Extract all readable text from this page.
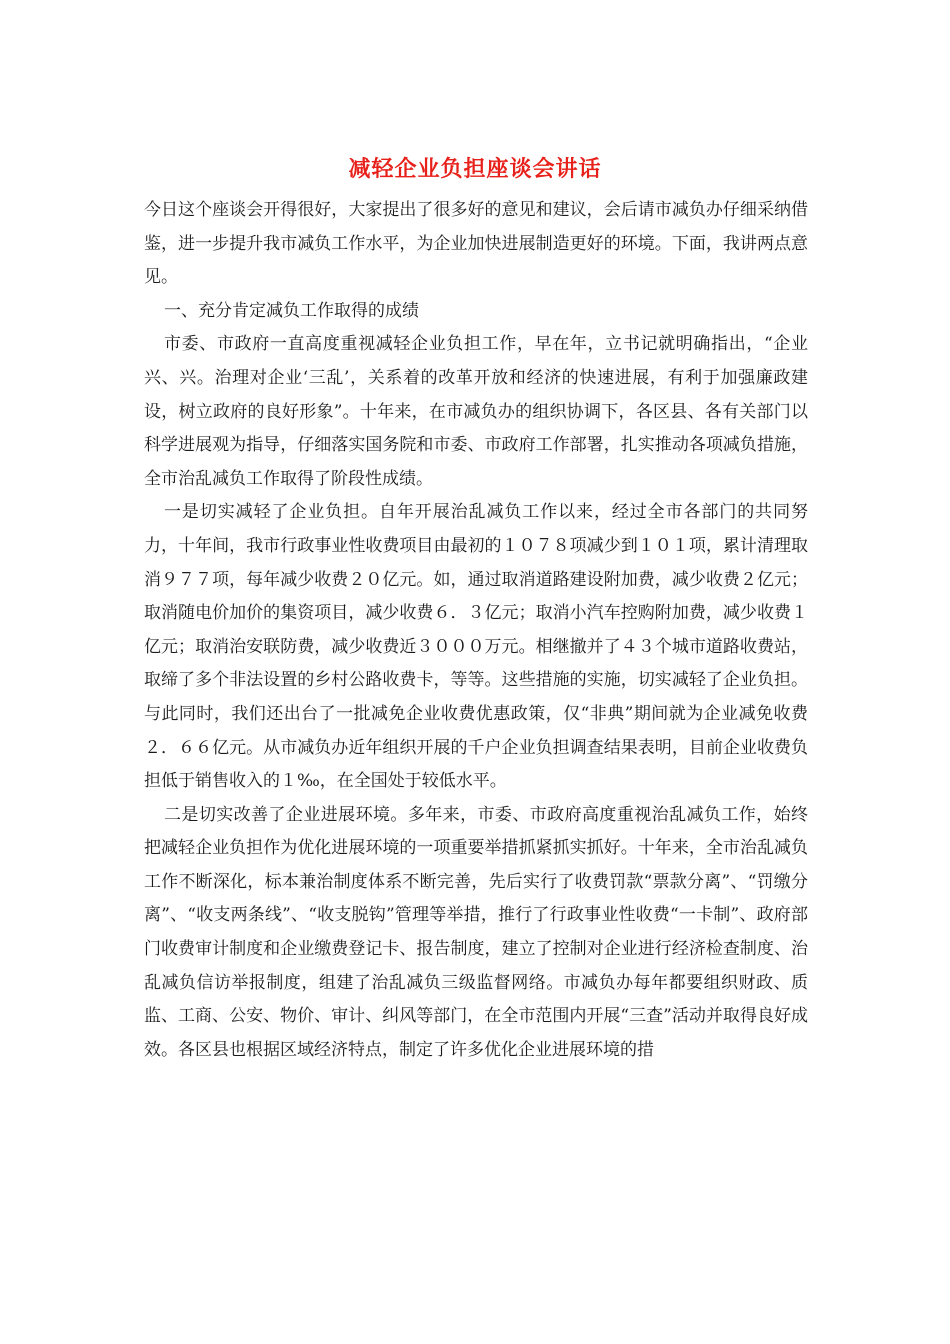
减轻企业负担座谈会讲话

今日这个座谈会开得很好，大家提出了很多好的意见和建议，会后请市减负办仔细采纳借鉴，进一步提升我市减负工作水平，为企业加快进展制造更好的环境。下面，我讲两点意见。

一、充分肯定减负工作取得的成绩

市委、市政府一直高度重视减轻企业负担工作，早在年，立书记就明确指出，“企业兴、兴。治理对企业‘三乱’，关系着的改革开放和经济的快速进展，有利于加强廉政建设，树立政府的良好形象”。十年来，在市减负办的组织协调下，各区县、各有关部门以科学进展观为指导，仔细落实国务院和市委、市政府工作部署，扎实推动各项减负措施，全市治乱减负工作取得了阶段性成绩。

一是切实减轻了企业负担。自年开展治乱减负工作以来，经过全市各部门的共同努力，十年间，我市行政事业性收费项目由最初的１０７８项减少到１０１项，累计清理取消９７７项，每年减少收费２０亿元。如，通过取消道路建设附加费，减少收费２亿元；取消随电价加价的集资项目，减少收费６．３亿元；取消小汽车控购附加费，减少收费１亿元；取消治安联防费，减少收费近３０００万元。相继撤并了４３个城市道路收费站，取缔了多个非法设置的乡村公路收费卡，等等。这些措施的实施，切实减轻了企业负担。与此同时，我们还出台了一批减免企业收费优惠政策，仅“非典”期间就为企业减免收费２．６６亿元。从市减负办近年组织开展的千户企业负担调查结果表明，目前企业收费负担低于销售收入的１‰，在全国处于较低水平。

二是切实改善了企业进展环境。多年来，市委、市政府高度重视治乱减负工作，始终把减轻企业负担作为优化进展环境的一项重要举措抓紧抓实抓好。十年来，全市治乱减负工作不断深化，标本兼治制度体系不断完善，先后实行了收费罚款“票款分离”、“罚缴分离”、“收支两条线”、“收支脱钩”管理等举措，推行了行政事业性收费“一卡制”、政府部门收费审计制度和企业缴费登记卡、报告制度，建立了控制对企业进行经济检查制度、治乱减负信访举报制度，组建了治乱减负三级监督网络。市减负办每年都要组织财政、质监、工商、公安、物价、审计、纠风等部门，在全市范围内开展“三查”活动并取得良好成效。各区县也根据区域经济特点，制定了许多优化企业进展环境的措
